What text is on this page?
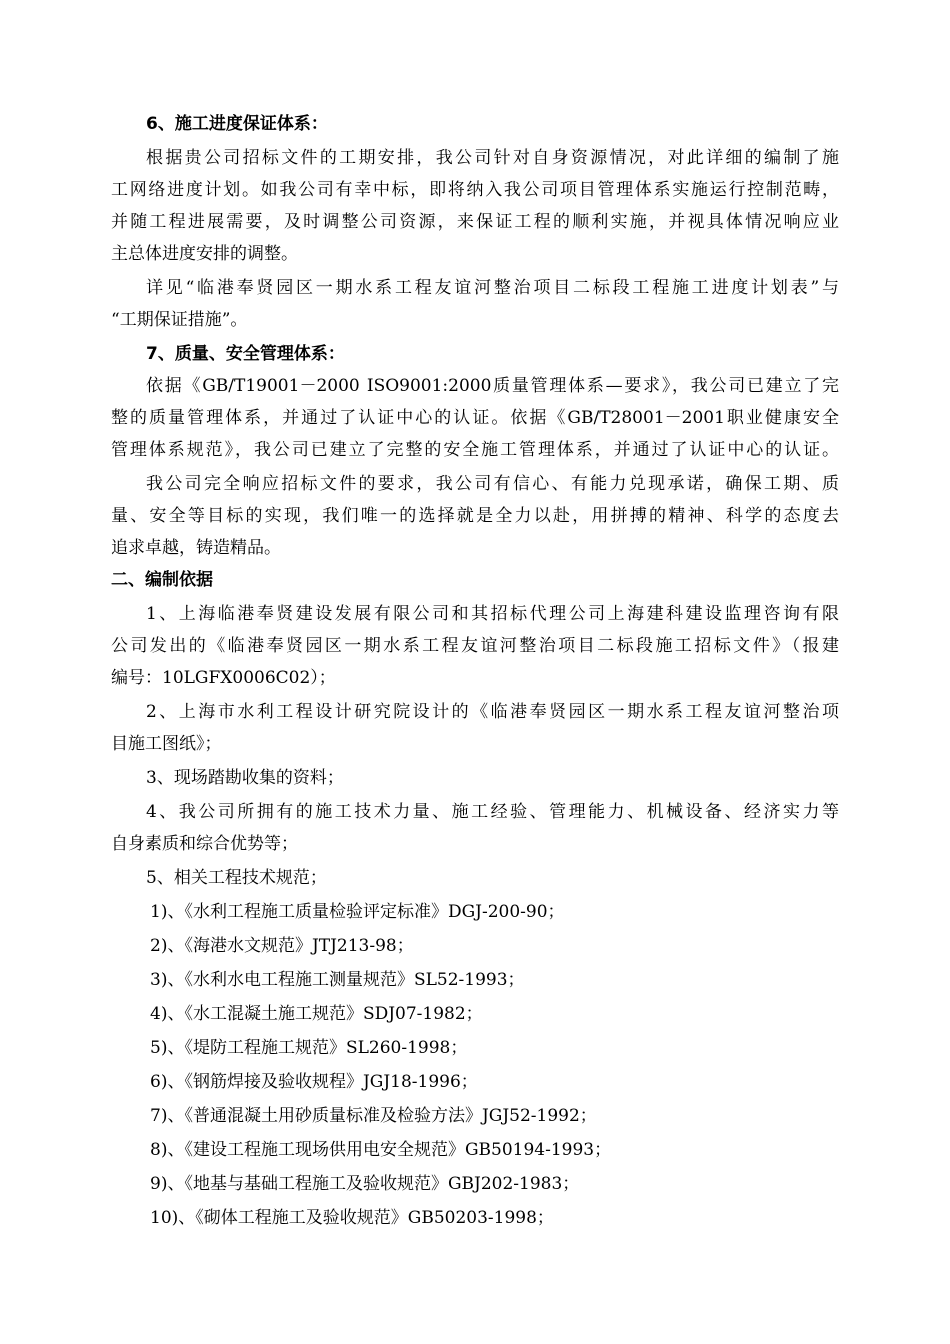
6、施工进度保证体系：
根据贵公司招标文件的工期安排，我公司针对自身资源情况，对此详细的编制了施
工网络进度计划。如我公司有幸中标，即将纳入我公司项目管理体系实施运行控制范畴，
并随工程进展需要，及时调整公司资源，来保证工程的顺利实施，并视具体情况响应业
主总体进度安排的调整。
详见“临港奉贤园区一期水系工程友谊河整治项目二标段工程施工进度计划表”与
“工期保证措施”。
7、质量、安全管理体系：
依据《GB/T19001－2000 ISO9001:2000质量管理体系—要求》，我公司已建立了完
整的质量管理体系，并通过了认证中心的认证。依据《GB/T28001－2001职业健康安全
管理体系规范》，我公司已建立了完整的安全施工管理体系，并通过了认证中心的认证。
我公司完全响应招标文件的要求，我公司有信心、有能力兑现承诺，确保工期、质
量、安全等目标的实现，我们唯一的选择就是全力以赴，用拼搏的精神、科学的态度去
追求卓越，铸造精品。
二、编制依据
1、上海临港奉贤建设发展有限公司和其招标代理公司上海建科建设监理咨询有限
公司发出的《临港奉贤园区一期水系工程友谊河整治项目二标段施工招标文件》（报建
编号：10LGFX0006C02）；
2、上海市水利工程设计研究院设计的《临港奉贤园区一期水系工程友谊河整治项
目施工图纸》；
3、现场踏勘收集的资料；
4、我公司所拥有的施工技术力量、施工经验、管理能力、机械设备、经济实力等
自身素质和综合优势等；
5、相关工程技术规范；
1)、《水利工程施工质量检验评定标准》DGJ-200-90；
2)、《海港水文规范》JTJ213-98；
3)、《水利水电工程施工测量规范》SL52-1993；
4)、《水工混凝土施工规范》SDJ07-1982；
5)、《堤防工程施工规范》SL260-1998；
6)、《钢筋焊接及验收规程》JGJ18-1996；
7)、《普通混凝土用砂质量标准及检验方法》JGJ52-1992；
8)、《建设工程施工现场供用电安全规范》GB50194-1993；
9)、《地基与基础工程施工及验收规范》GBJ202-1983；
10)、《砌体工程施工及验收规范》GB50203-1998；
